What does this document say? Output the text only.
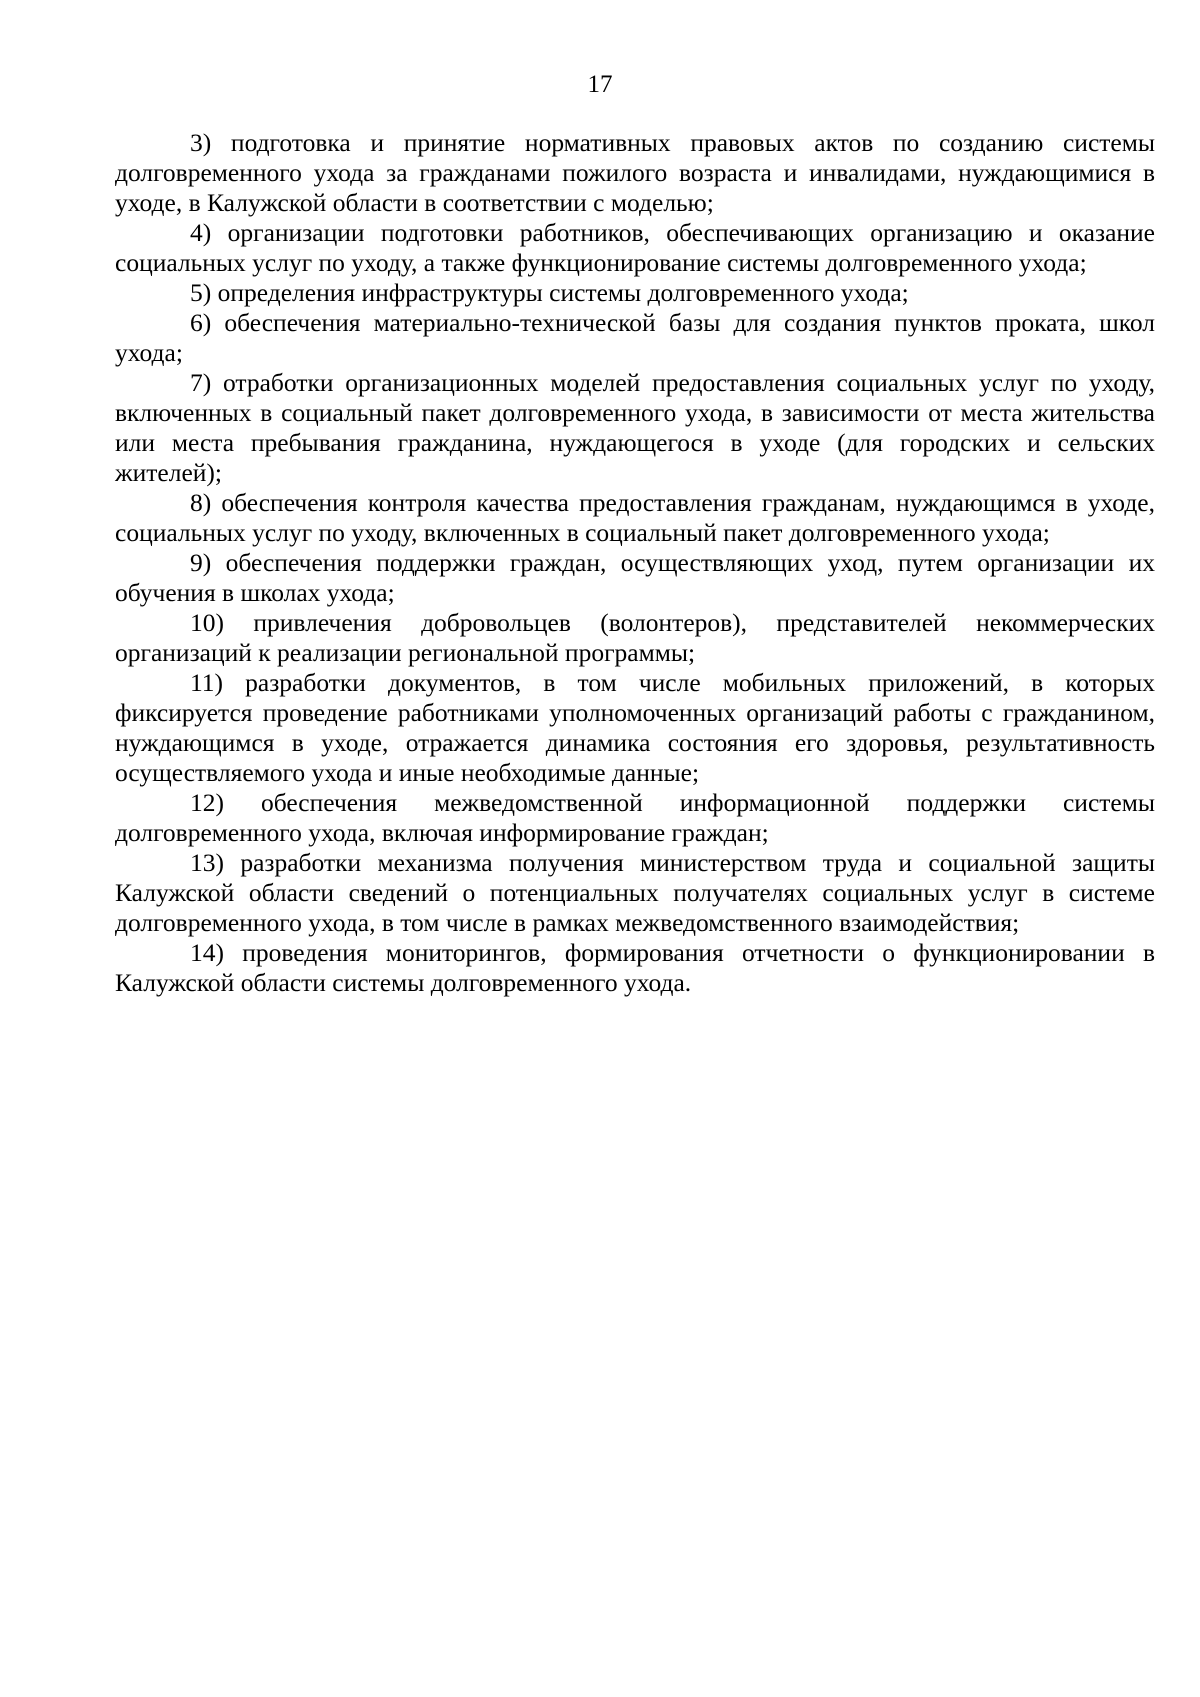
17

3) подготовка и принятие нормативных правовых актов по созданию системы долговременного ухода за гражданами пожилого возраста и инвалидами, нуждающимися в уходе, в Калужской области в соответствии с моделью;

4) организации подготовки работников, обеспечивающих организацию и оказание социальных услуг по уходу, а также функционирование системы долговременного ухода;

5) определения инфраструктуры системы долговременного ухода;

6) обеспечения материально-технической базы для создания пунктов проката, школ ухода;

7) отработки организационных моделей предоставления социальных услуг по уходу, включенных в социальный пакет долговременного ухода, в зависимости от места жительства или места пребывания гражданина, нуждающегося в уходе (для городских и сельских жителей);

8) обеспечения контроля качества предоставления гражданам, нуждающимся в уходе, социальных услуг по уходу, включенных в социальный пакет долговременного ухода;

9) обеспечения поддержки граждан, осуществляющих уход, путем организации их обучения в школах ухода;

10) привлечения добровольцев (волонтеров), представителей некоммерческих организаций к реализации региональной программы;

11) разработки документов, в том числе мобильных приложений, в которых фиксируется проведение работниками уполномоченных организаций работы с гражданином, нуждающимся в уходе, отражается динамика состояния его здоровья, результативность осуществляемого ухода и иные необходимые данные;

12) обеспечения межведомственной информационной поддержки системы долговременного ухода, включая информирование граждан;

13) разработки механизма получения министерством труда и социальной защиты Калужской области сведений о потенциальных получателях социальных услуг в системе долговременного ухода, в том числе в рамках межведомственного взаимодействия;

14) проведения мониторингов, формирования отчетности о функционировании в Калужской области системы долговременного ухода.
